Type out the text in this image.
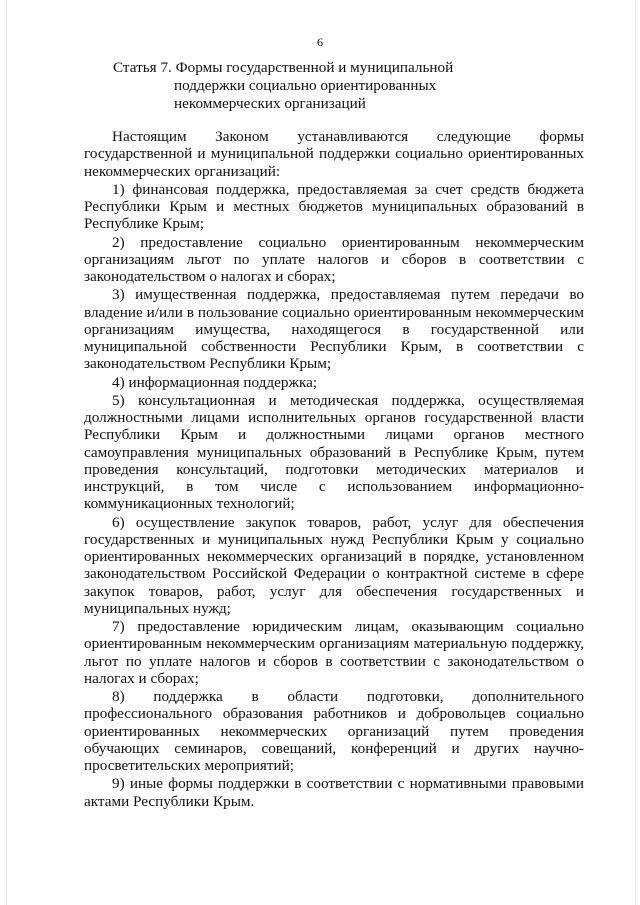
6
Статья 7. Формы государственной и муниципальной
поддержки социально ориентированных
некоммерческих организаций

Настоящим Законом устанавливаются следующие формы государственной и муниципальной поддержки социально ориентированных некоммерческих организаций:

1) финансовая поддержка, предоставляемая за счет средств бюджета Республики Крым и местных бюджетов муниципальных образований в Республике Крым;

2) предоставление социально ориентированным некоммерческим организациям льгот по уплате налогов и сборов в соответствии с законодательством о налогах и сборах;

3) имущественная поддержка, предоставляемая путем передачи во владение и/или в пользование социально ориентированным некоммерческим организациям имущества, находящегося в государственной или муниципальной собственности Республики Крым, в соответствии с законодательством Республики Крым;

4) информационная поддержка;

5) консультационная и методическая поддержка, осуществляемая должностными лицами исполнительных органов государственной власти Республики Крым и должностными лицами органов местного самоуправления муниципальных образований в Республике Крым, путем проведения консультаций, подготовки методических материалов и инструкций, в том числе с использованием информационно-коммуникационных технологий;

6) осуществление закупок товаров, работ, услуг для обеспечения государственных и муниципальных нужд Республики Крым у социально ориентированных некоммерческих организаций в порядке, установленном законодательством Российской Федерации о контрактной системе в сфере закупок товаров, работ, услуг для обеспечения государственных и муниципальных нужд;

7) предоставление юридическим лицам, оказывающим социально ориентированным некоммерческим организациям материальную поддержку, льгот по уплате налогов и сборов в соответствии с законодательством о налогах и сборах;

8) поддержка в области подготовки, дополнительного профессионального образования работников и добровольцев социально ориентированных некоммерческих организаций путем проведения обучающих семинаров, совещаний, конференций и других научно-просветительских мероприятий;

9) иные формы поддержки в соответствии с нормативными правовыми актами Республики Крым.
